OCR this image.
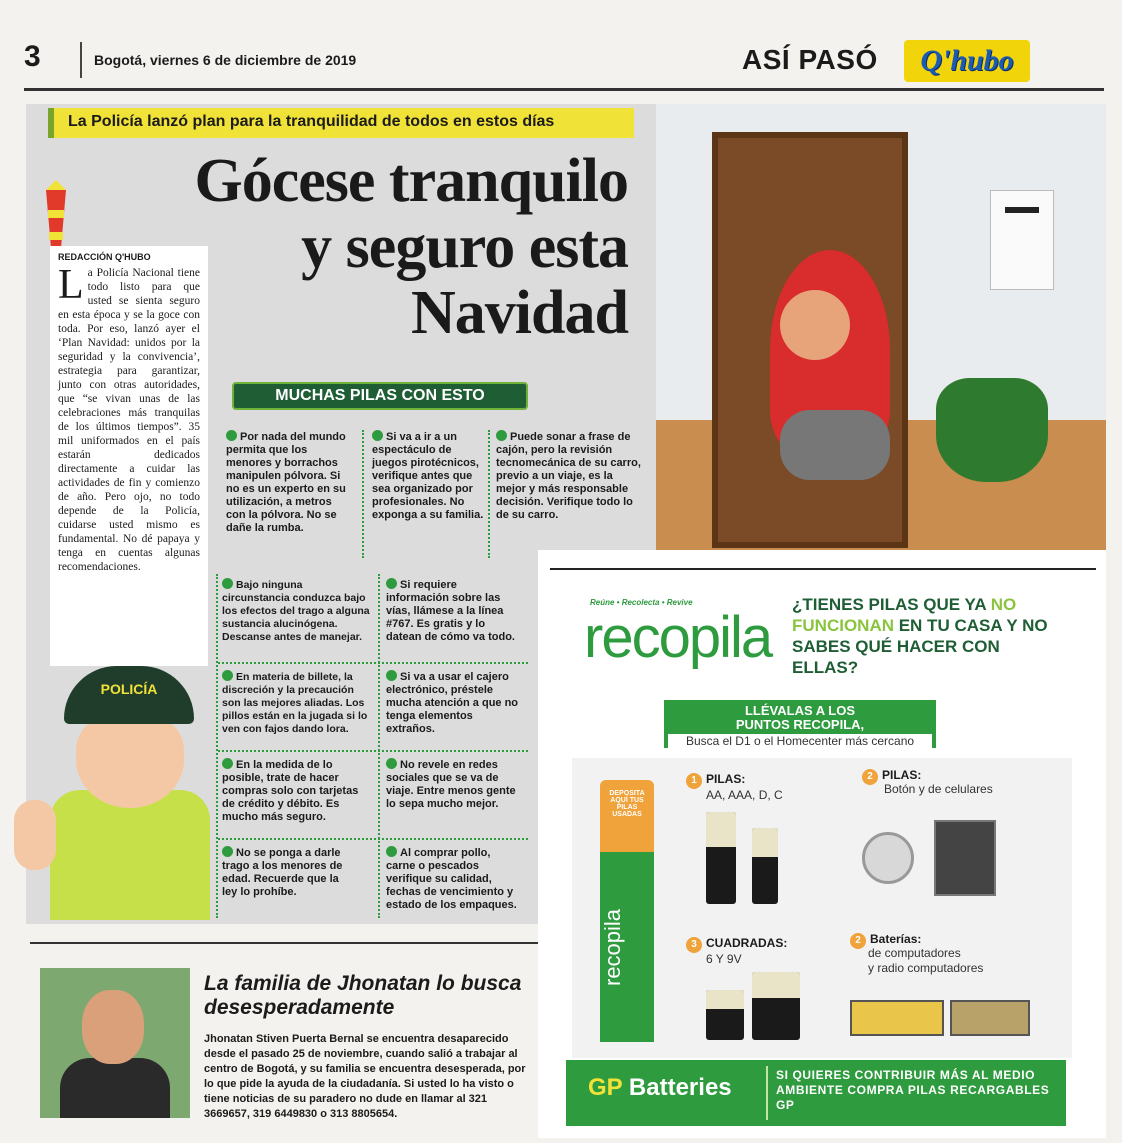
3	Bogotá, viernes 6 de diciembre de 2019	ASÍ PASÓ	Q'hubo
La Policía lanzó plan para la tranquilidad de todos en estos días
Gócese tranquilo
y seguro esta
Navidad
REDACCIÓN Q'HUBO

La Policía Nacional tiene todo listo para que usted se sienta seguro en esta época y se la goce con toda. Por eso, lanzó ayer el ‘Plan Navidad: unidos por la seguridad y la convivencia’, estrategia para garantizar, junto con otras autoridades, que “se vivan unas de las celebraciones más tranquilas de los últimos tiempos”. 35 mil uniformados en el país estarán dedicados directamente a cuidar las actividades de fin y comienzo de año. Pero ojo, no todo depende de la Policía, cuidarse usted mismo es fundamental. No dé papaya y tenga en cuentas algunas recomendaciones.

MUCHAS PILAS CON ESTO
Por nada del mundo permita que los menores y borrachos manipulen pólvora. Si no es un experto en su utilización, a metros con la pólvora. No se dañe la rumba.
Si va a ir a un espectáculo de juegos pirotécnicos, verifique antes que sea organizado por profesionales. No exponga a su familia.
Puede sonar a frase de cajón, pero la revisión tecnomecánica de su carro, previo a un viaje, es la mejor y más responsable decisión. Verifique todo lo de su carro.
Bajo ninguna circunstancia conduzca bajo los efectos del trago a alguna sustancia alucinógena. Descanse antes de manejar.
Si requiere información sobre las vías, llámese a la línea #767. Es gratis y lo datean de cómo va todo.
En materia de billete, la discreción y la precaución son las mejores aliadas. Los pillos están en la jugada si lo ven con fajos dando lora.
Si va a usar el cajero electrónico, préstele mucha atención a que no tenga elementos extraños.
En la medida de lo posible, trate de hacer compras solo con tarjetas de crédito y débito. Es mucho más seguro.
No revele en redes sociales que se va de viaje. Entre menos gente lo sepa mucho mejor.
No se ponga a darle trago a los menores de edad. Recuerde que la ley lo prohíbe.
Al comprar pollo, carne o pescados verifique su calidad, fechas de vencimiento y estado de los empaques.
POLICÍA
Reúne • Recolecta • Revive
recopila
¿TIENES PILAS QUE YA NO FUNCIONAN EN TU CASA Y NO SABES QUÉ HACER CON ELLAS?
LLÉVALAS A LOS
PUNTOS RECOPILA,
Busca el D1 o el Homecenter más cercano
DEPOSITA AQUÍ TUS PILAS USADAS
recopila
1 PILAS:
AA, AAA, D, C
2 PILAS:
Botón y de celulares
3 CUADRADAS:
6 Y 9V
2 Baterías:
de computadores
y radio computadores
GP Batteries	SI QUIERES CONTRIBUIR MÁS AL MEDIO AMBIENTE COMPRA PILAS RECARGABLES GP
La familia de Jhonatan lo busca desesperadamente
Jhonatan Stiven Puerta Bernal se encuentra desaparecido desde el pasado 25 de noviembre, cuando salió a trabajar al centro de Bogotá, y su familia se encuentra desesperada, por lo que pide la ayuda de la ciudadanía. Si usted lo ha visto o tiene noticias de su paradero no dude en llamar al 321 3669657, 319 6449830 o 313 8805654.
